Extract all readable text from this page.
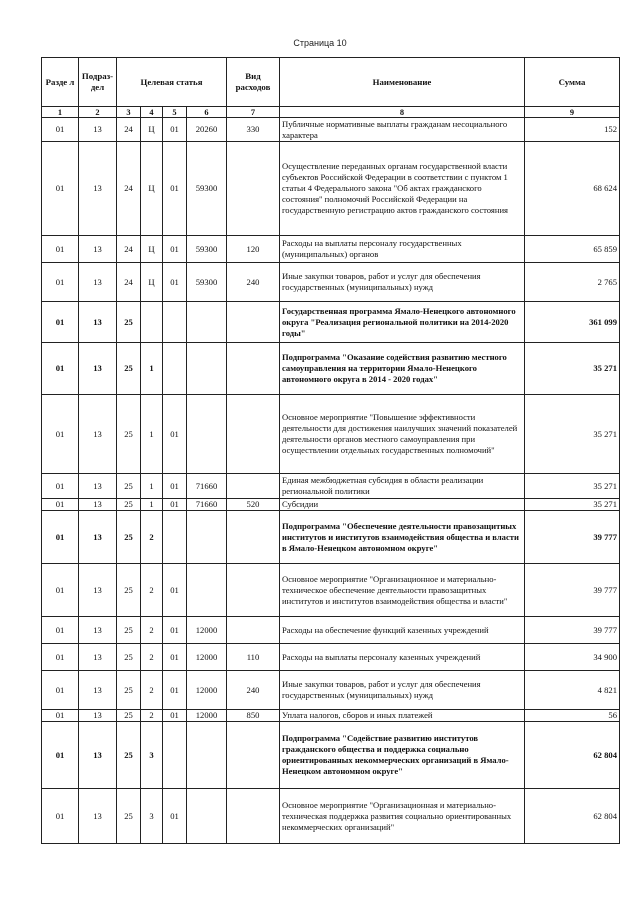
Страница 10
Разде л	Подраз-дел	Целевая статья				Вид расходов	Наименование	Сумма
1	2	3	4	5	6	7	8	9
01	13	24	Ц	01	20260	330	Публичные нормативные выплаты гражданам несоциального характера	152
01	13	24	Ц	01	59300		Осуществление переданных органам государственной власти субъектов Российской Федерации в соответствии с пунктом 1 статьи 4 Федерального закона "Об актах гражданского состояния" полномочий Российской Федерации на государственную регистрацию актов гражданского состояния	68 624
01	13	24	Ц	01	59300	120	Расходы на выплаты персоналу государственных (муниципальных) органов	65 859
01	13	24	Ц	01	59300	240	Иные закупки товаров, работ и услуг для обеспечения государственных (муниципальных) нужд	2 765
01	13	25					Государственная программа Ямало-Ненецкого автономного округа "Реализация региональной политики на 2014-2020 годы"	361 099
01	13	25	1				Подпрограмма "Оказание содействия развитию местного самоуправления на территории Ямало-Ненецкого автономного округа в 2014 - 2020 годах"	35 271
01	13	25	1	01			Основное мероприятие "Повышение эффективности деятельности для достижения наилучших значений показателей деятельности органов местного самоуправления при осуществлении отдельных государственных полномочий"	35 271
01	13	25	1	01	71660		Единая межбюджетная субсидия в области реализации региональной политики	35 271
01	13	25	1	01	71660	520	Субсидии	35 271
01	13	25	2				Подпрограмма "Обеспечение деятельности правозащитных институтов и институтов взаимодействия общества и власти в Ямало-Ненецком автономном округе"	39 777
01	13	25	2	01			Основное мероприятие "Организационное и материально-техническое обеспечение деятельности правозащитных институтов и институтов взаимодействия общества и власти"	39 777
01	13	25	2	01	12000		Расходы на обеспечение функций казенных учреждений	39 777
01	13	25	2	01	12000	110	Расходы на выплаты персоналу казенных учреждений	34 900
01	13	25	2	01	12000	240	Иные закупки товаров, работ и услуг для обеспечения государственных (муниципальных) нужд	4 821
01	13	25	2	01	12000	850	Уплата налогов, сборов и иных платежей	56
01	13	25	3				Подпрограмма "Содействие развитию институтов гражданского общества и поддержка социально ориентированных некоммерческих организаций в Ямало-Ненецком автономном округе"	62 804
01	13	25	3	01			Основное мероприятие "Организационная и материально-техническая поддержка развития социально ориентированных некоммерческих организаций"	62 804
